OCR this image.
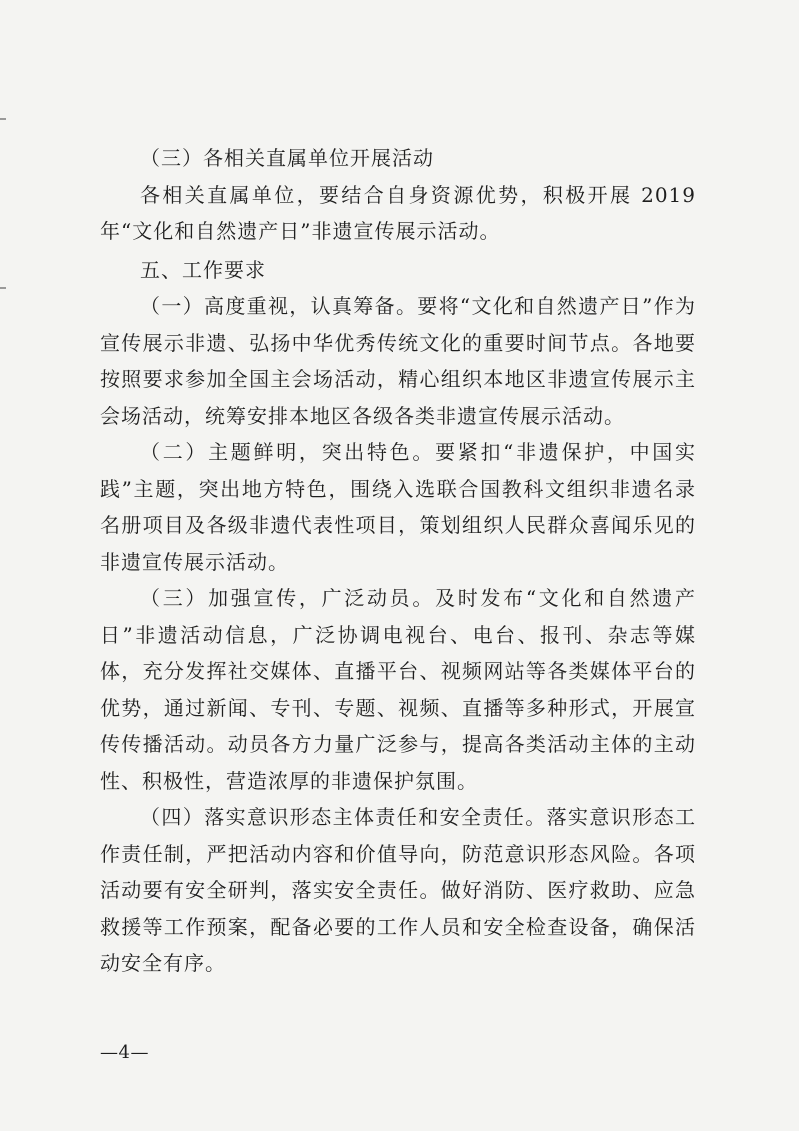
（三）各相关直属单位开展活动

各相关直属单位，要结合自身资源优势，积极开展 2019 年“文化和自然遗产日”非遗宣传展示活动。

五、工作要求

（一）高度重视，认真筹备。要将“文化和自然遗产日”作为宣传展示非遗、弘扬中华优秀传统文化的重要时间节点。各地要按照要求参加全国主会场活动，精心组织本地区非遗宣传展示主会场活动，统筹安排本地区各级各类非遗宣传展示活动。

（二）主题鲜明，突出特色。要紧扣“非遗保护，中国实践”主题，突出地方特色，围绕入选联合国教科文组织非遗名录名册项目及各级非遗代表性项目，策划组织人民群众喜闻乐见的非遗宣传展示活动。

（三）加强宣传，广泛动员。及时发布“文化和自然遗产日”非遗活动信息，广泛协调电视台、电台、报刊、杂志等媒体，充分发挥社交媒体、直播平台、视频网站等各类媒体平台的优势，通过新闻、专刊、专题、视频、直播等多种形式，开展宣传传播活动。动员各方力量广泛参与，提高各类活动主体的主动性、积极性，营造浓厚的非遗保护氛围。

（四）落实意识形态主体责任和安全责任。落实意识形态工作责任制，严把活动内容和价值导向，防范意识形态风险。各项活动要有安全研判，落实安全责任。做好消防、医疗救助、应急救援等工作预案，配备必要的工作人员和安全检查设备，确保活动安全有序。

—4—
